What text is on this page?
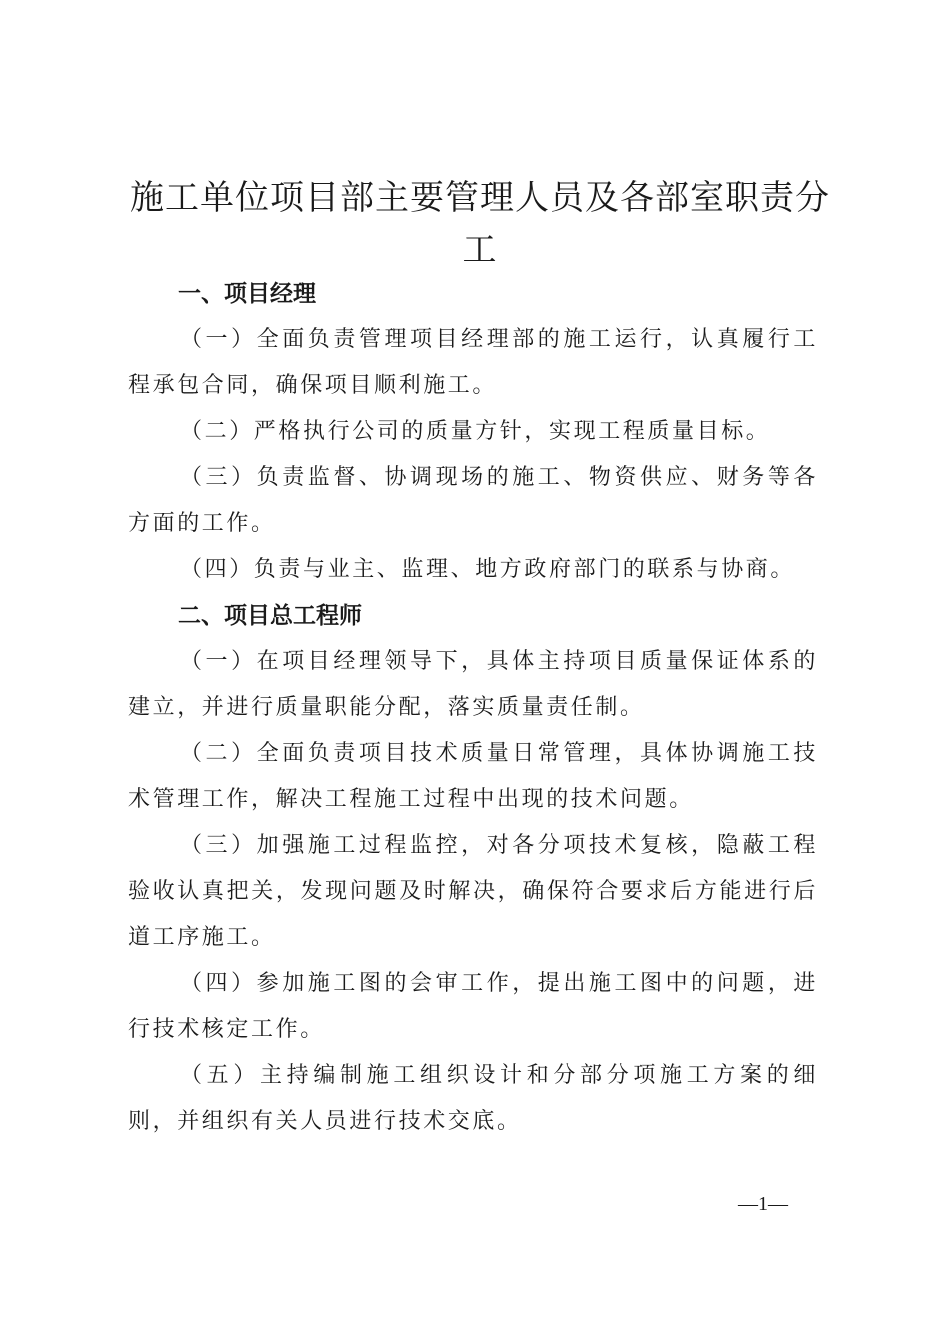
施工单位项目部主要管理人员及各部室职责分工
一、项目经理

（一）全面负责管理项目经理部的施工运行，认真履行工程承包合同，确保项目顺利施工。

（二）严格执行公司的质量方针，实现工程质量目标。

（三）负责监督、协调现场的施工、物资供应、财务等各方面的工作。

（四）负责与业主、监理、地方政府部门的联系与协商。

二、项目总工程师

（一）在项目经理领导下，具体主持项目质量保证体系的建立，并进行质量职能分配，落实质量责任制。

（二）全面负责项目技术质量日常管理，具体协调施工技术管理工作，解决工程施工过程中出现的技术问题。

（三）加强施工过程监控，对各分项技术复核，隐蔽工程验收认真把关，发现问题及时解决，确保符合要求后方能进行后道工序施工。

（四）参加施工图的会审工作，提出施工图中的问题，进行技术核定工作。

（五）主持编制施工组织设计和分部分项施工方案的细则，并组织有关人员进行技术交底。

—1—
